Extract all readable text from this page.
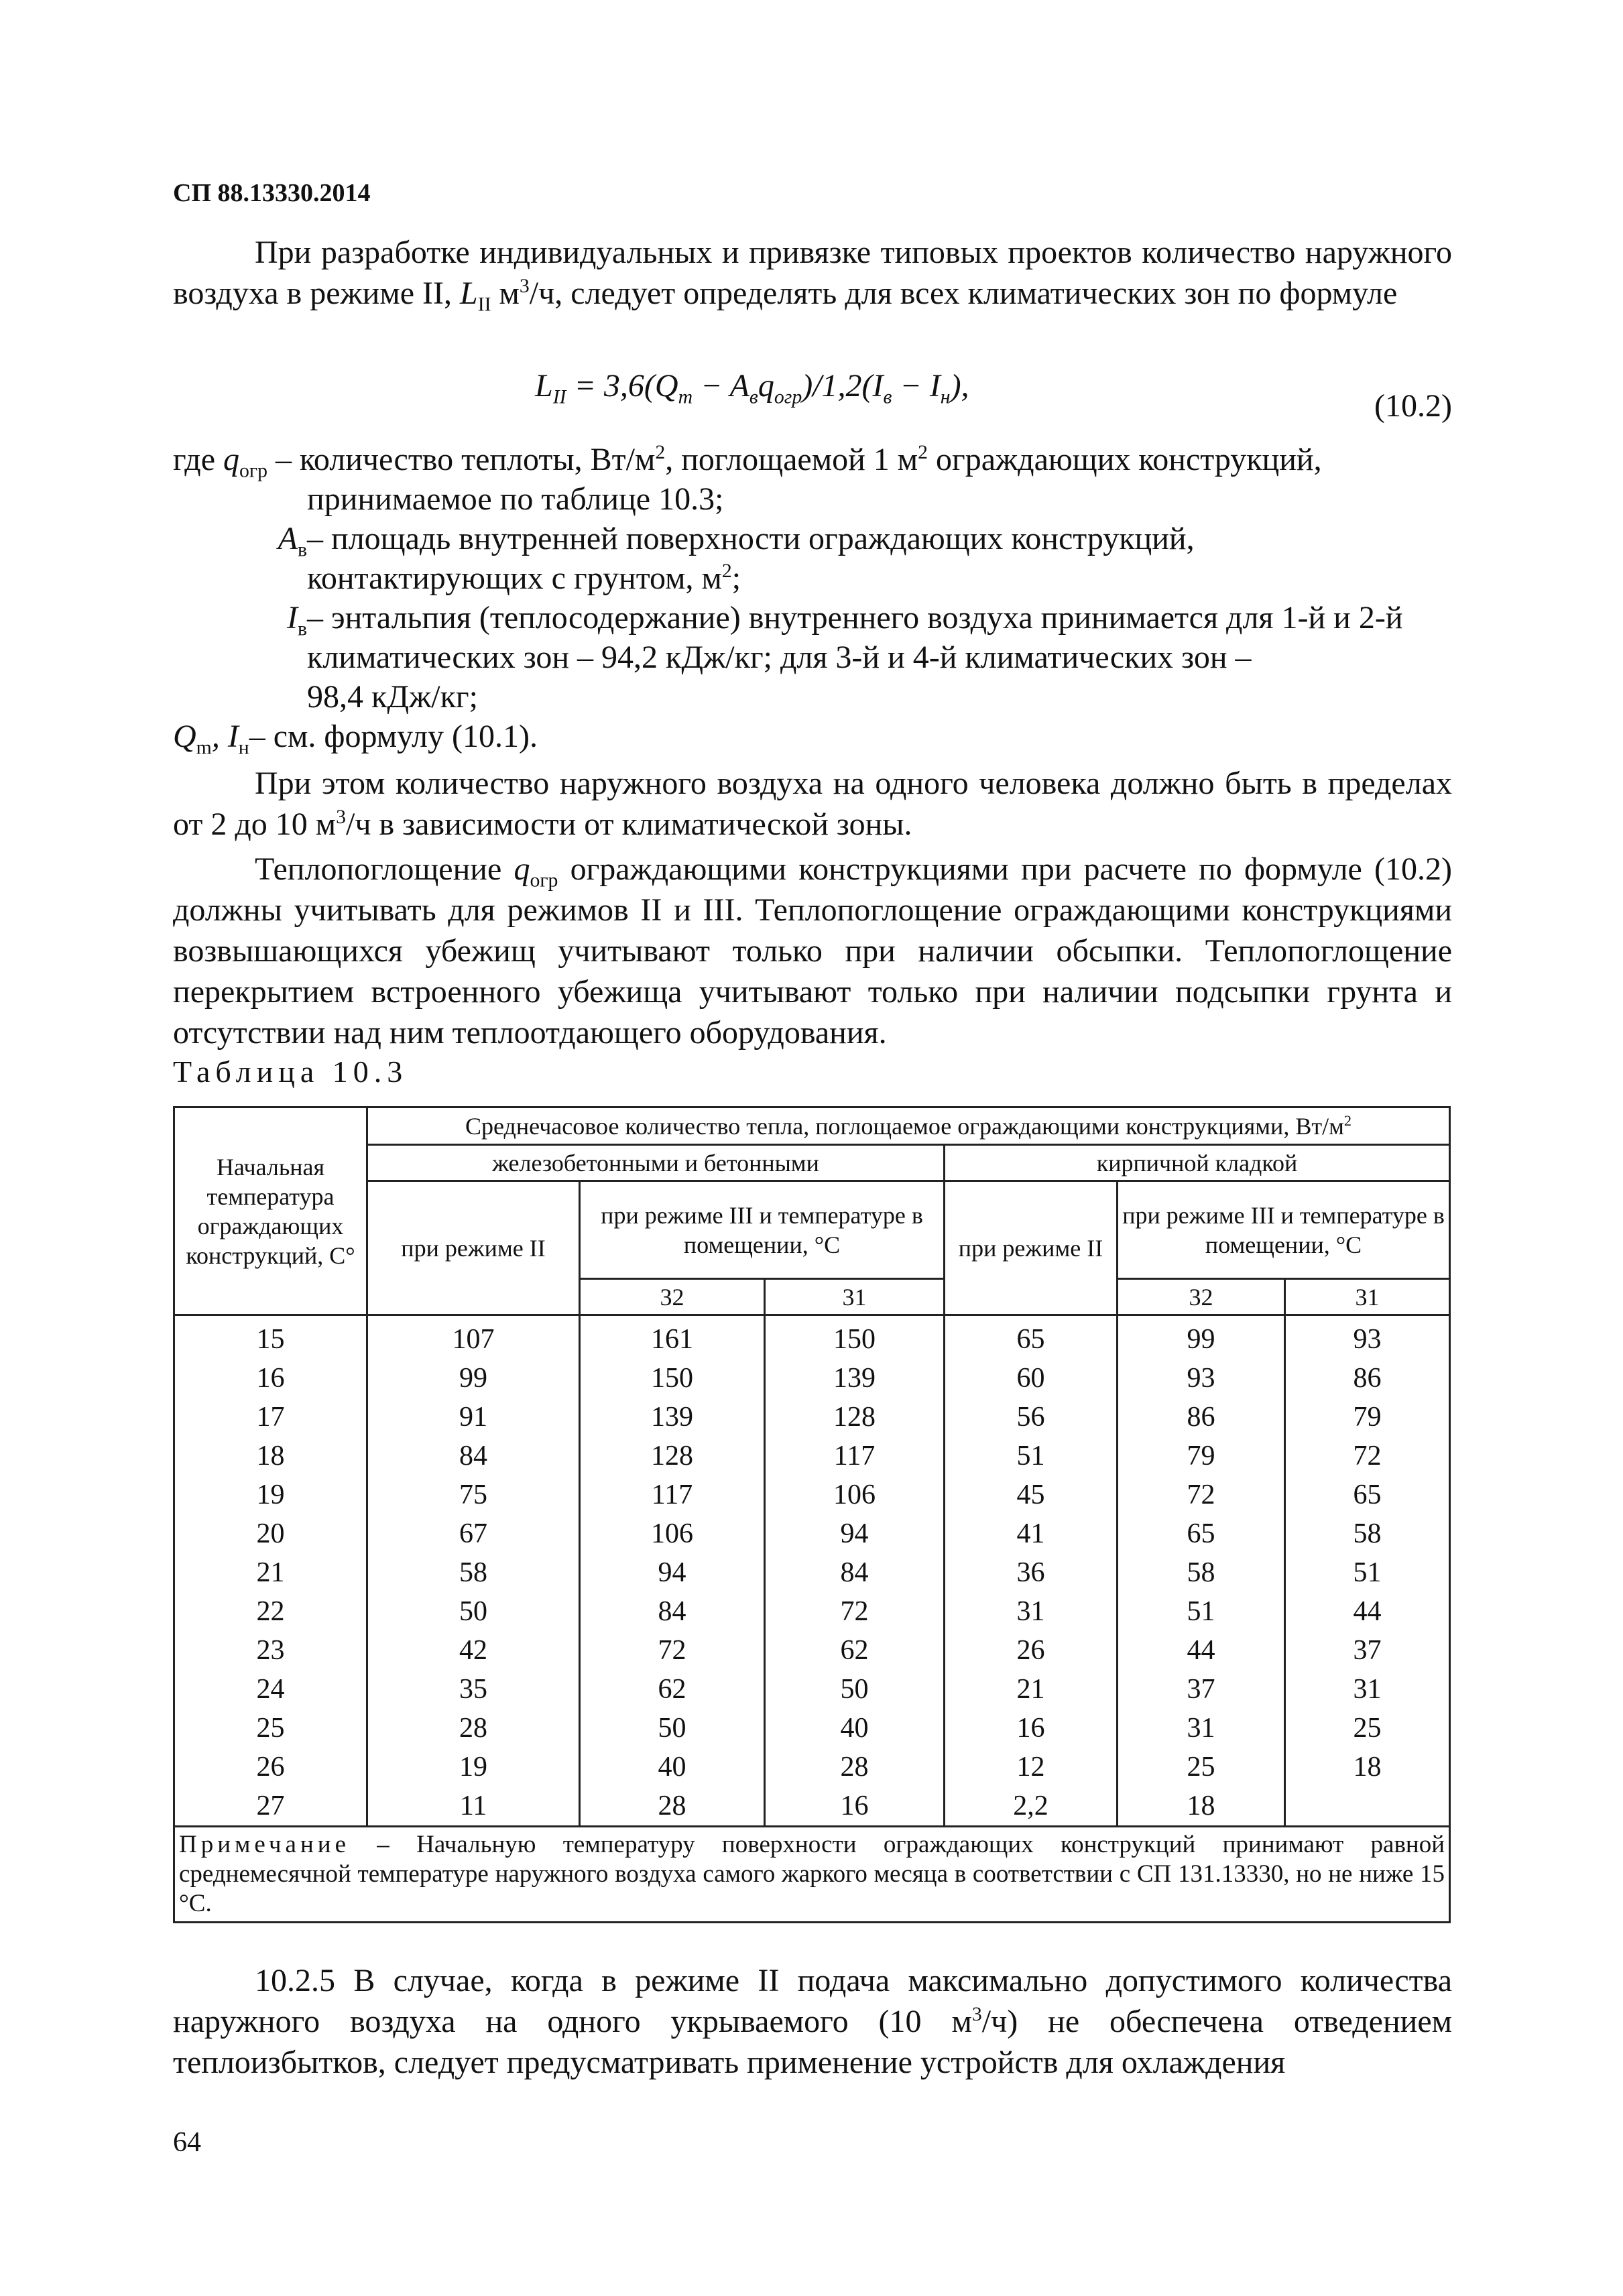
СП 88.13330.2014

При разработке индивидуальных и привязке типовых проектов количество наружного воздуха в режиме II, $L_{II}$ $м^3/ч$, следует определять для всех климатических зон по формуле

$L_{II} = 3,6(Q_m - A_вq_{огр})/1,2(I_в - I_н)$,
(10.2)
где $q_{огр}$ – количество теплоты, $Вт/м^2$, поглощаемой 1 $м^2$ ограждающих конструкций,
принимаемое по таблице 10.3;
$A_в$ – площадь внутренней поверхности ограждающих конструкций,
контактирующих с грунтом, $м^2$;
$I_в$ – энтальпия (теплосодержание) внутреннего воздуха принимается для 1-й и 2-й
климатических зон – 94,2 кДж/кг; для 3-й и 4-й климатических зон –
98,4 кДж/кг;
$Q_m$, $I_н$ – см. формулу (10.1).

При этом количество наружного воздуха на одного человека должно быть в пределах от 2 до 10 $м^3/ч$ в зависимости от климатической зоны.

Теплопоглощение $q_{огр}$ ограждающими конструкциями при расчете по формуле (10.2) должны учитывать для режимов II и III. Теплопоглощение ограждающими конструкциями возвышающихся убежищ учитывают только при наличии обсыпки. Теплопоглощение перекрытием встроенного убежища учитывают только при наличии подсыпки грунта и отсутствии над ним теплоотдающего оборудования.

Таблица 10.3
Начальная температура ограждающих конструкций, С°	Среднечасовое количество тепла, поглощаемое ограждающими конструкциями, $Вт/м^2$
	железобетонными и бетонными			кирпичной кладкой		
	при режиме II	при режиме III и температуре в помещении, °С		при режиме II	при режиме III и температуре в помещении, °С	
		32	31		32	31
15	107	161	150	65	99	93
16	99	150	139	60	93	86
17	91	139	128	56	86	79
18	84	128	117	51	79	72
19	75	117	106	45	72	65
20	67	106	94	41	65	58
21	58	94	84	36	58	51
22	50	84	72	31	51	44
23	42	72	62	26	44	37
24	35	62	50	21	37	31
25	28	50	40	16	31	25
26	19	40	28	12	25	18
27	11	28	16	2,2	18	
Примечание – Начальную температуру поверхности ограждающих конструкций принимают равной среднемесячной температуре наружного воздуха самого жаркого месяца в соответствии с СП 131.13330, но не ниже 15 °С.						

10.2.5 В случае, когда в режиме II подача максимально допустимого количества наружного воздуха на одного укрываемого (10 $м^3/ч$) не обеспечена отведением теплоизбытков, следует предусматривать применение устройств для охлаждения

64
